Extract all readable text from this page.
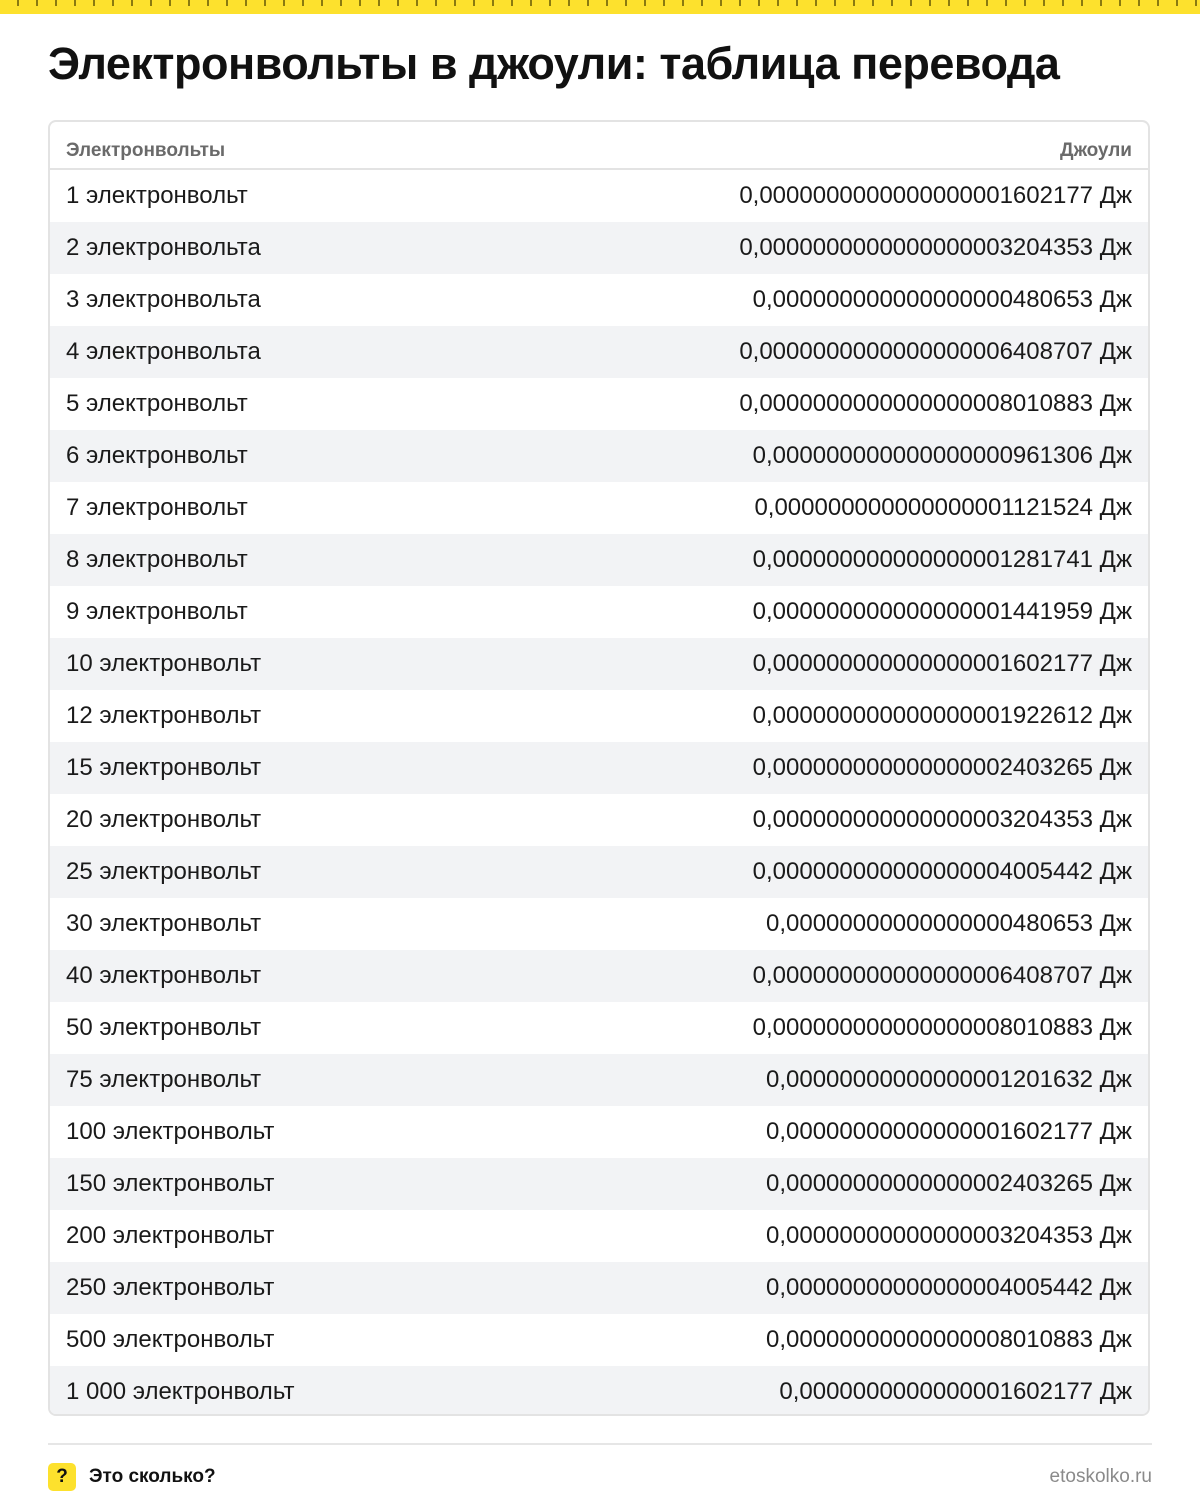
Электронвольты в джоули: таблица перевода
Электронвольты	Джоули
1 электронвольт	0,0000000000000000001602177 Дж
2 электронвольта	0,0000000000000000003204353 Дж
3 электронвольта	0,000000000000000000480653 Дж
4 электронвольта	0,0000000000000000006408707 Дж
5 электронвольт	0,0000000000000000008010883 Дж
6 электронвольт	0,000000000000000000961306 Дж
7 электронвольт	0,000000000000000001121524 Дж
8 электронвольт	0,000000000000000001281741 Дж
9 электронвольт	0,000000000000000001441959 Дж
10 электронвольт	0,000000000000000001602177 Дж
12 электронвольт	0,000000000000000001922612 Дж
15 электронвольт	0,000000000000000002403265 Дж
20 электронвольт	0,000000000000000003204353 Дж
25 электронвольт	0,000000000000000004005442 Дж
30 электронвольт	0,00000000000000000480653 Дж
40 электронвольт	0,000000000000000006408707 Дж
50 электронвольт	0,000000000000000008010883 Дж
75 электронвольт	0,00000000000000001201632 Дж
100 электронвольт	0,00000000000000001602177 Дж
150 электронвольт	0,00000000000000002403265 Дж
200 электронвольт	0,00000000000000003204353 Дж
250 электронвольт	0,00000000000000004005442 Дж
500 электронвольт	0,00000000000000008010883 Дж
1 000 электронвольт	0,0000000000000001602177 Дж
?	Это сколько?	etoskolko.ru
